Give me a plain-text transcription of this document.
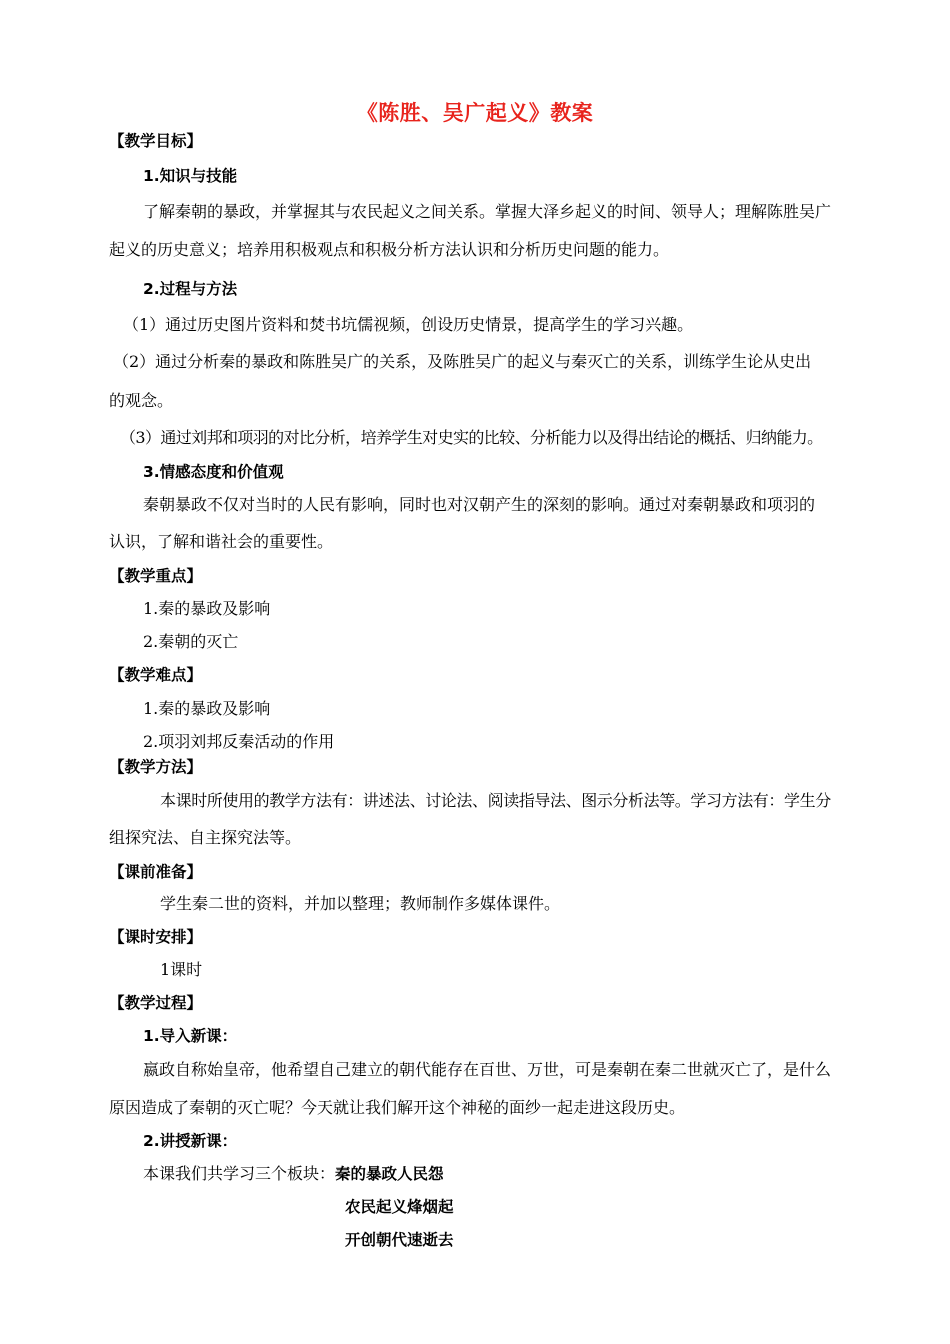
《陈胜、吴广起义》教案
【教学目标】
1.知识与技能
了解秦朝的暴政，并掌握其与农民起义之间关系。掌握大泽乡起义的时间、领导人；理解陈胜吴广
起义的历史意义；培养用积极观点和积极分析方法认识和分析历史问题的能力。
2.过程与方法
（1）通过历史图片资料和焚书坑儒视频，创设历史情景，提高学生的学习兴趣。
（2）通过分析秦的暴政和陈胜吴广的关系，及陈胜吴广的起义与秦灭亡的关系，训练学生论从史出
的观念。
（3）通过刘邦和项羽的对比分析，培养学生对史实的比较、分析能力以及得出结论的概括、归纳能力。
3.情感态度和价值观
秦朝暴政不仅对当时的人民有影响，同时也对汉朝产生的深刻的影响。通过对秦朝暴政和项羽的
认识，了解和谐社会的重要性。
【教学重点】
1.秦的暴政及影响
2.秦朝的灭亡
【教学难点】
1.秦的暴政及影响
2.项羽刘邦反秦活动的作用
【教学方法】
本课时所使用的教学方法有：讲述法、讨论法、阅读指导法、图示分析法等。学习方法有：学生分
组探究法、自主探究法等。
【课前准备】
学生秦二世的资料，并加以整理；教师制作多媒体课件。
【课时安排】
1课时
【教学过程】
1.导入新课：
嬴政自称始皇帝，他希望自己建立的朝代能存在百世、万世，可是秦朝在秦二世就灭亡了，是什么
原因造成了秦朝的灭亡呢？今天就让我们解开这个神秘的面纱一起走进这段历史。
2.讲授新课：
本课我们共学习三个板块：秦的暴政人民怨
农民起义烽烟起
开创朝代速逝去
